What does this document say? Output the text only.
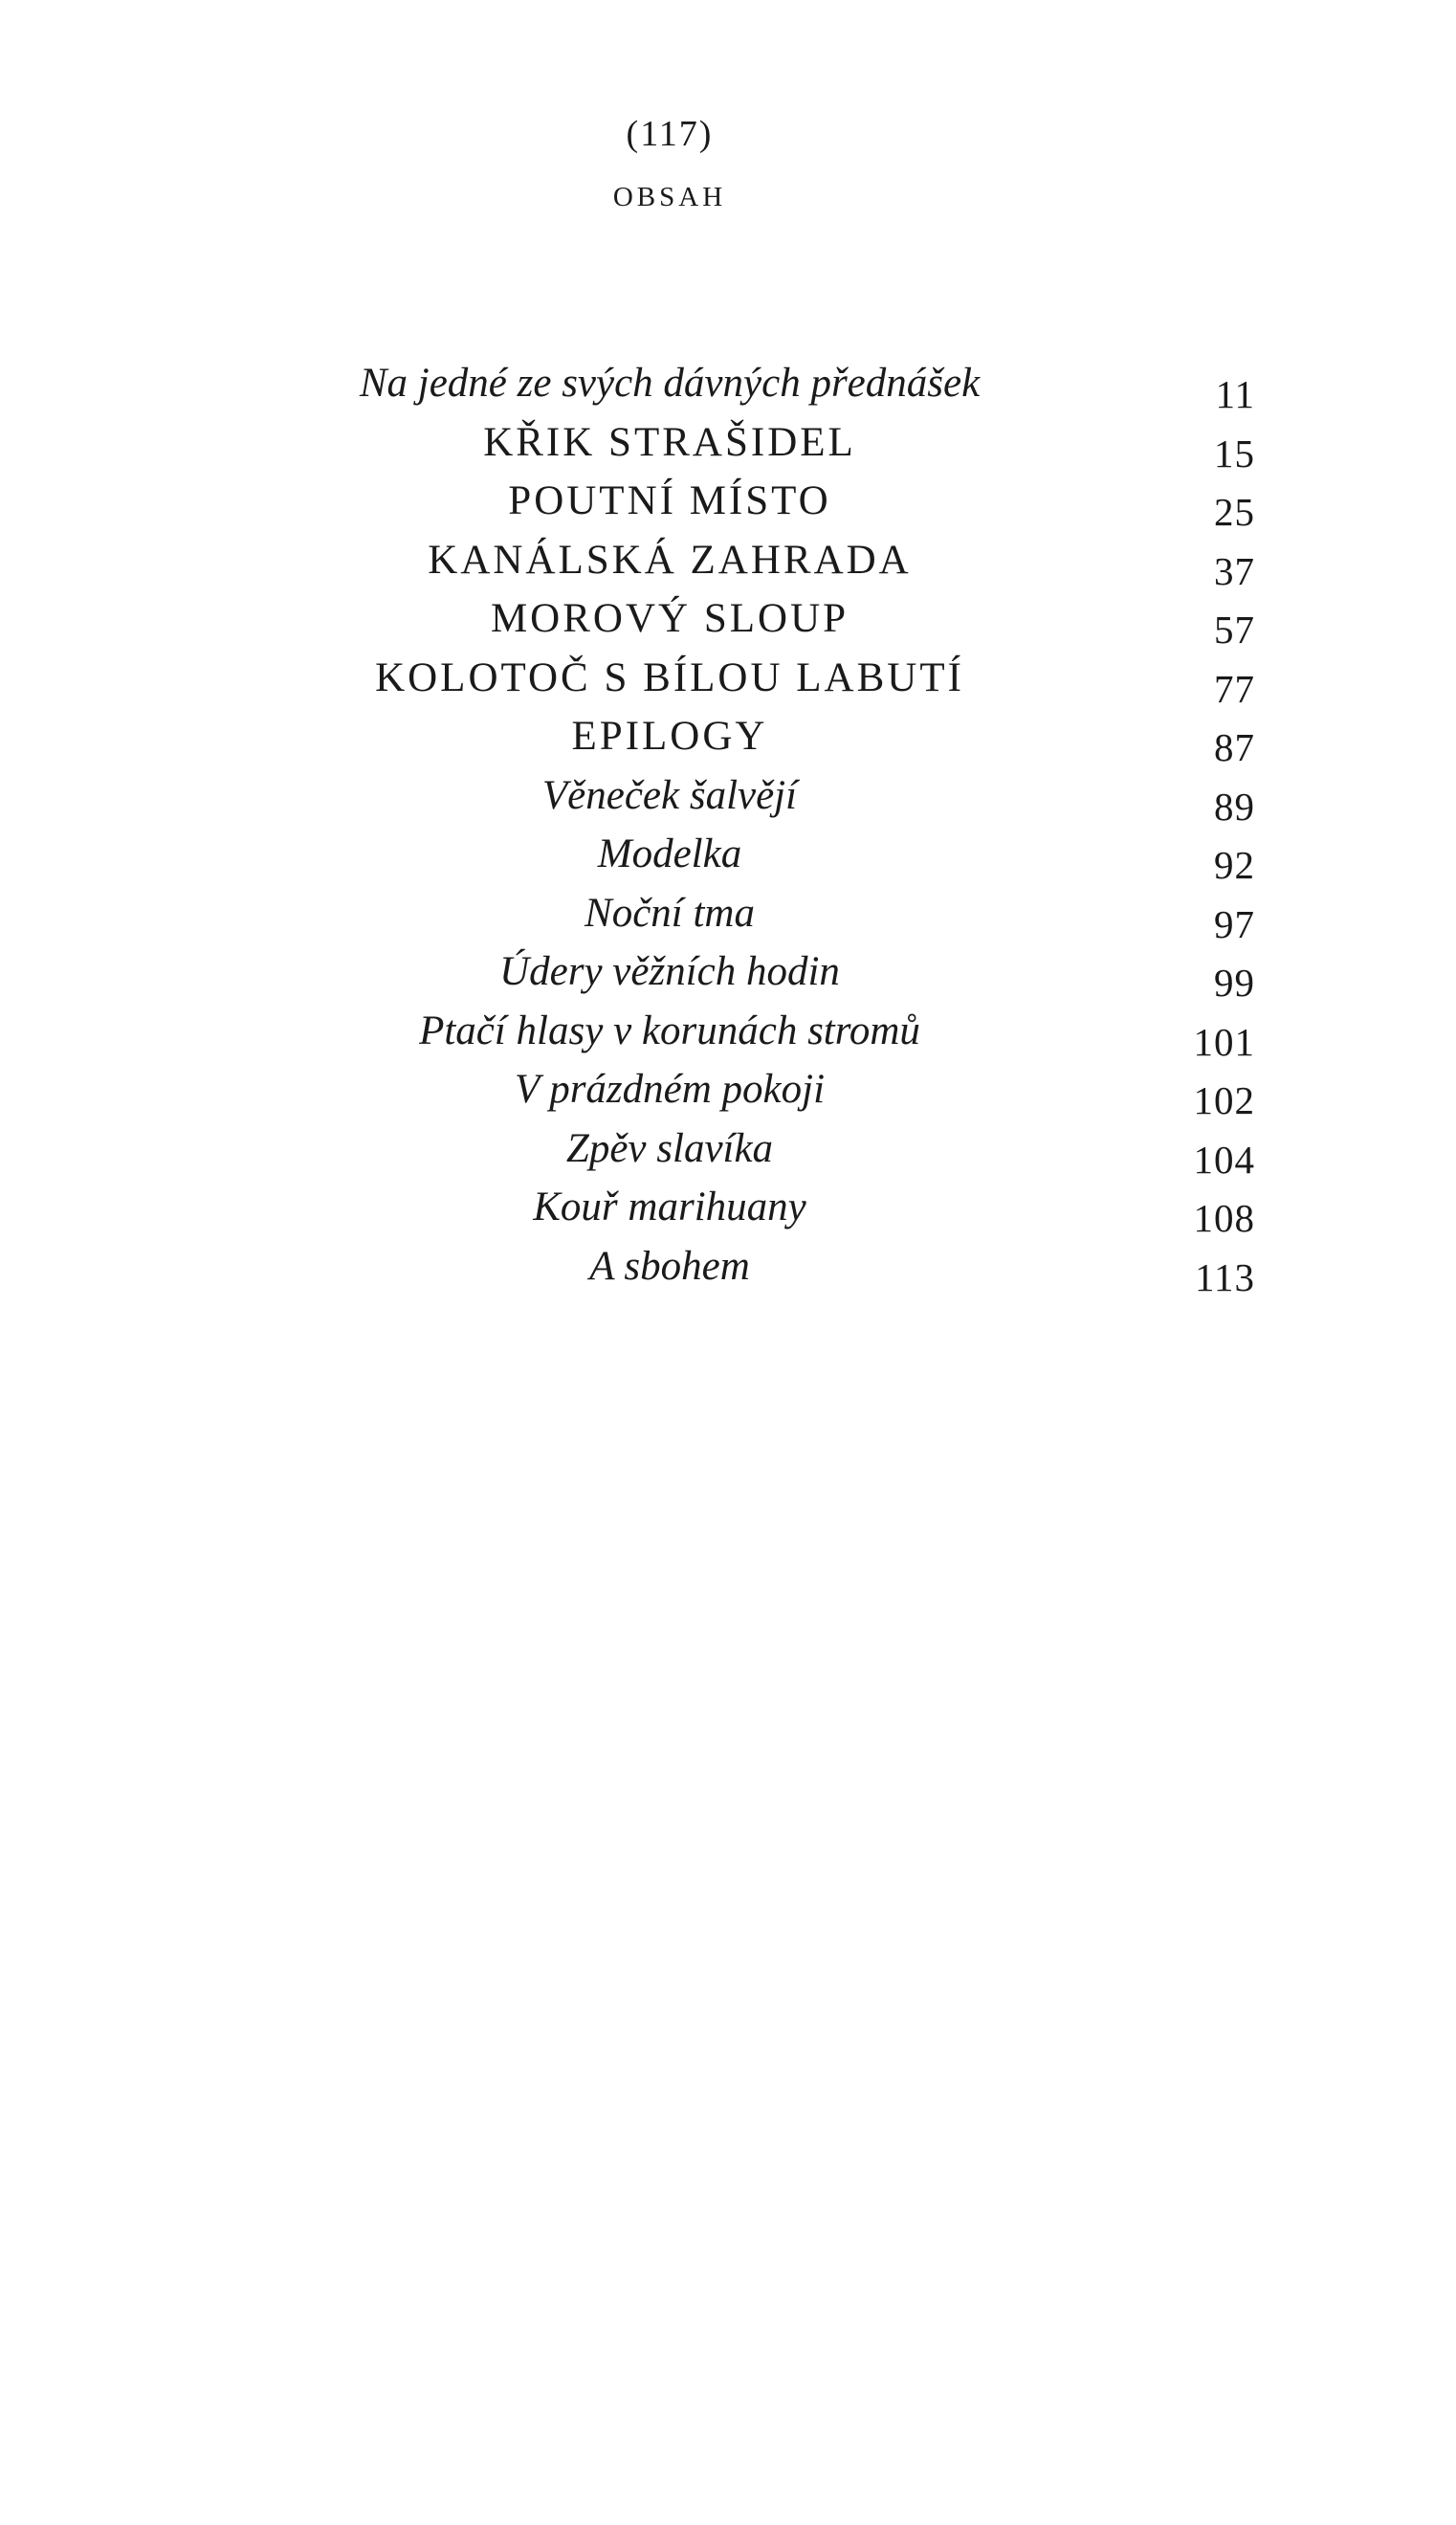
(117)
OBSAH
Na jedné ze svých dávných přednášek	11
KŘIK STRAŠIDEL	15
POUTNÍ MÍSTO	25
KANÁLSKÁ ZAHRADA	37
MOROVÝ SLOUP	57
KOLOTOČ S BÍLOU LABUTÍ	77
EPILOGY	87
Věneček šalvějí	89
Modelka	92
Noční tma	97
Údery věžních hodin	99
Ptačí hlasy v korunách stromů	101
V prázdném pokoji	102
Zpěv slavíka	104
Kouř marihuany	108
A sbohem	113
